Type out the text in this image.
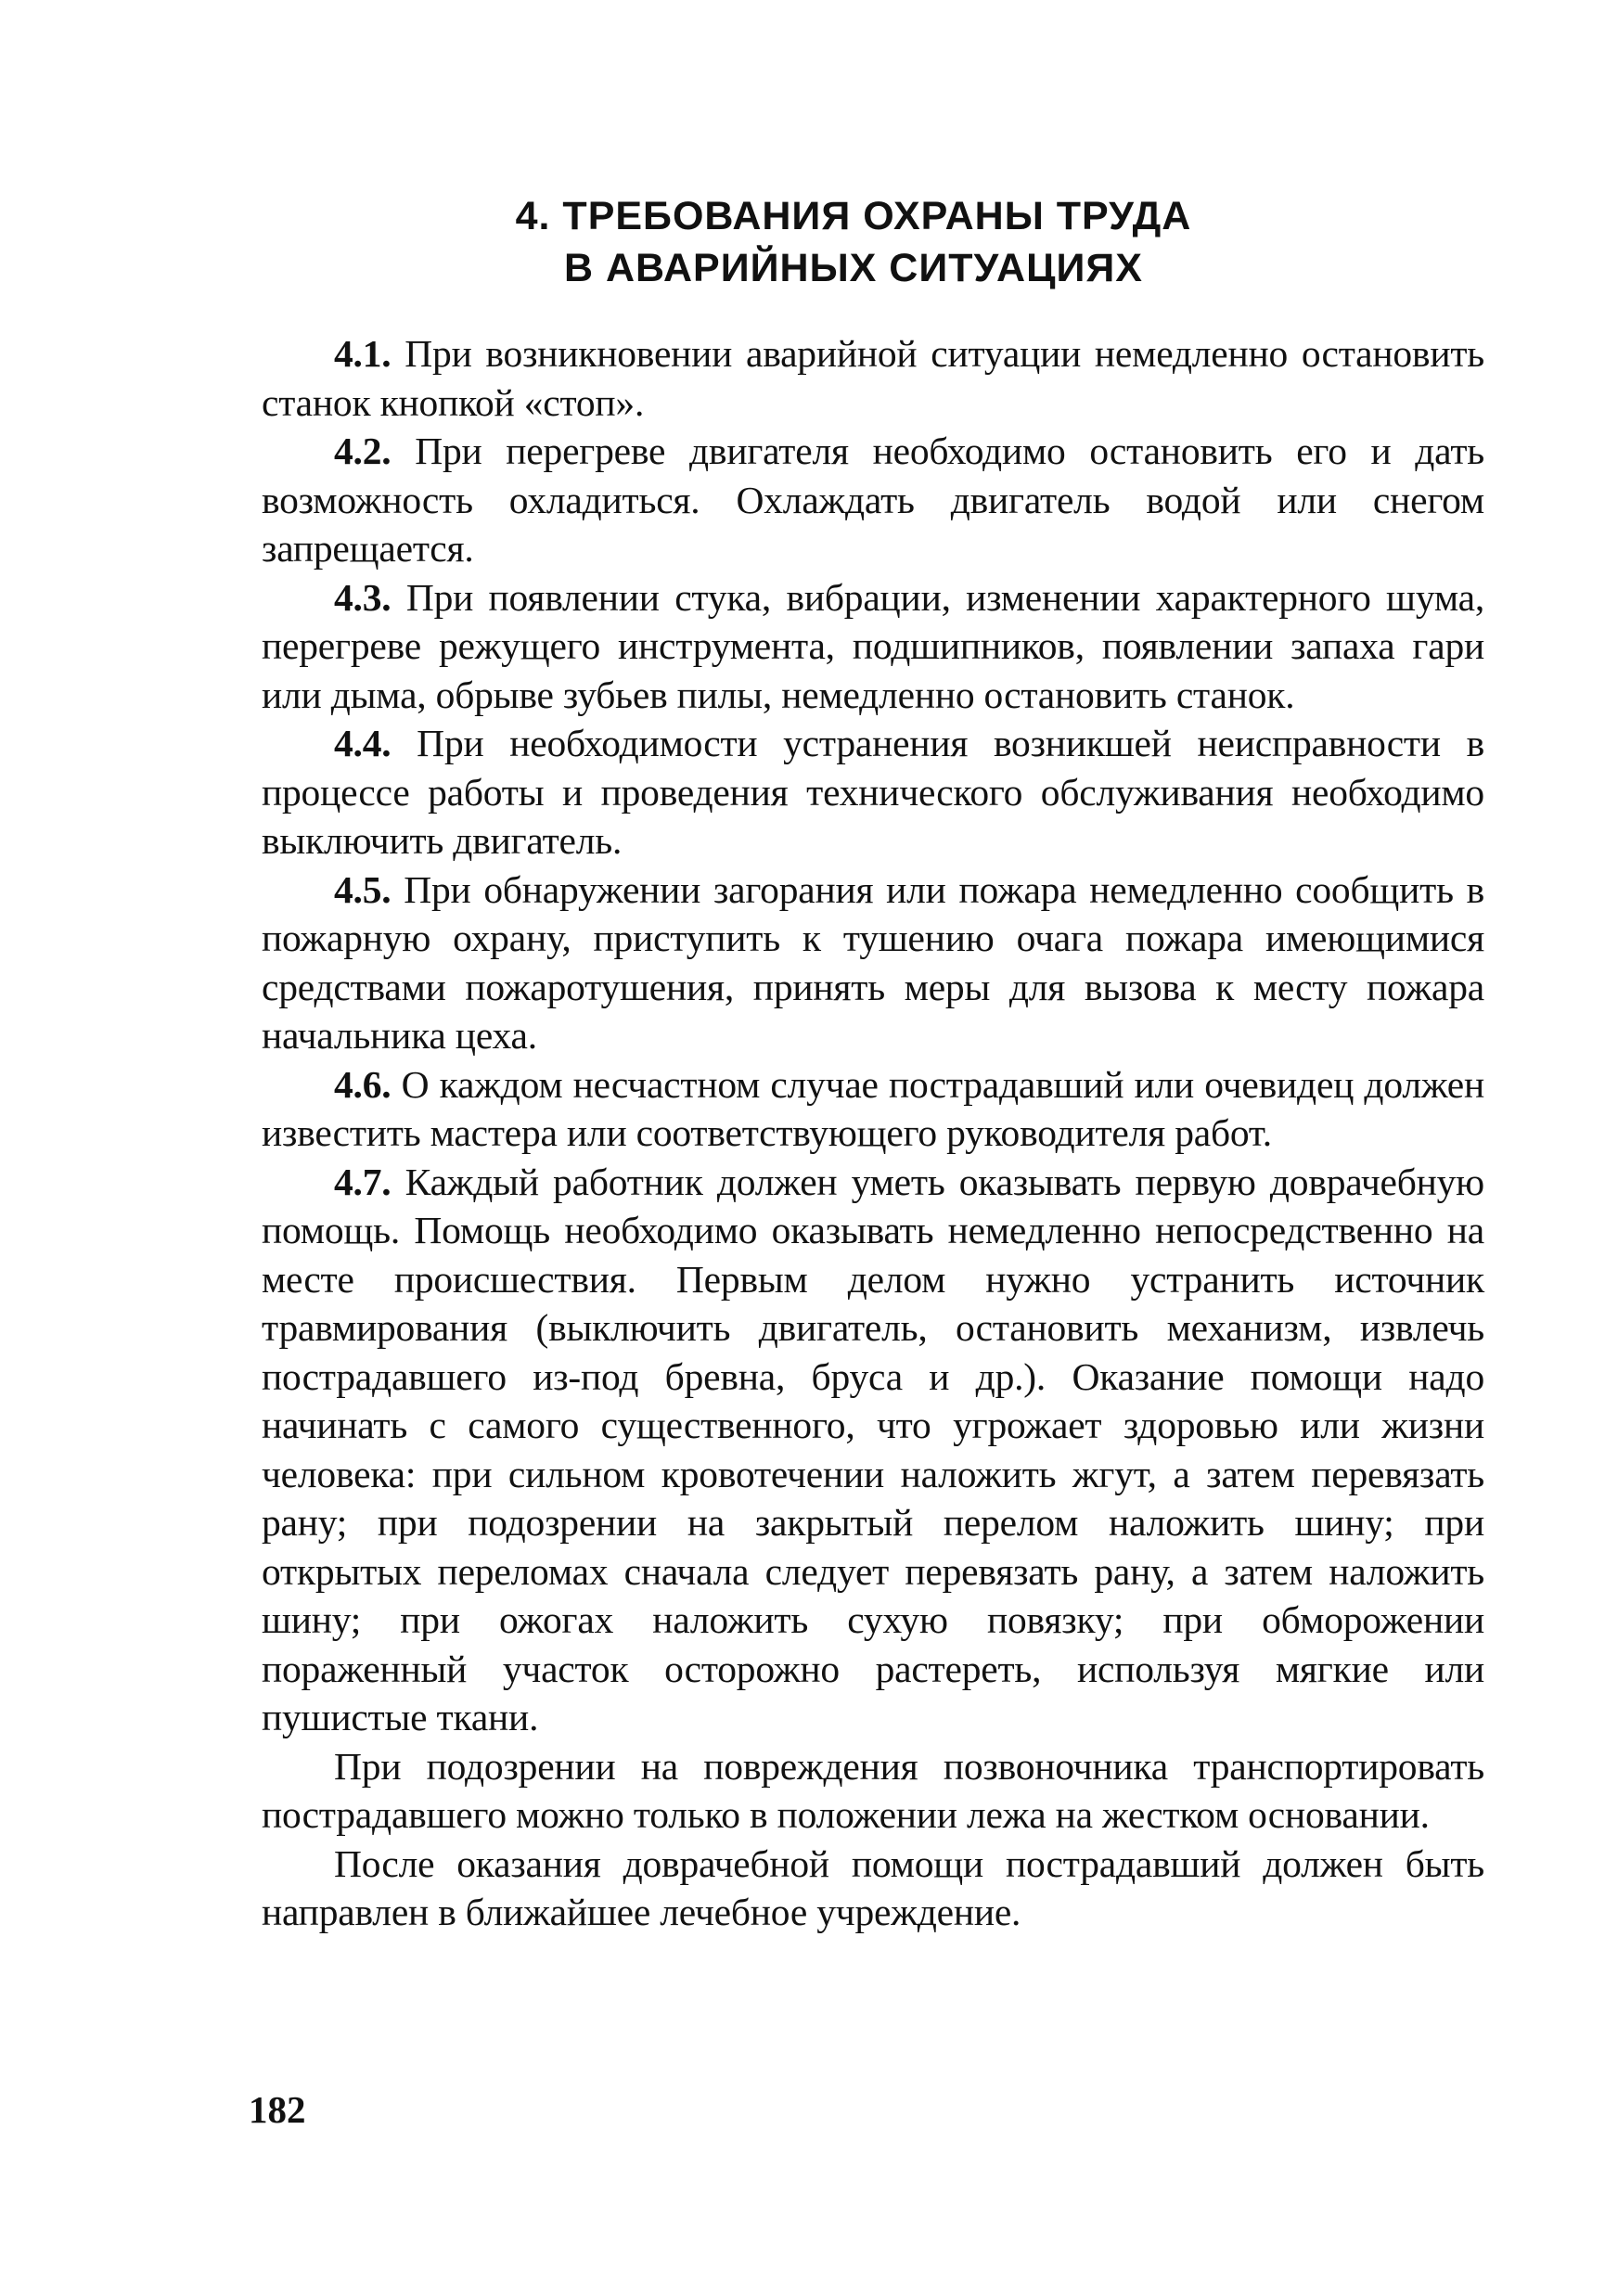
4. ТРЕБОВАНИЯ ОХРАНЫ ТРУДА
В АВАРИЙНЫХ СИТУАЦИЯХ

4.1. При возникновении аварийной ситуации немедленно остановить станок кнопкой «стоп».

4.2. При перегреве двигателя необходимо остановить его и дать возможность охладиться. Охлаждать двигатель водой или снегом запрещается.

4.3. При появлении стука, вибрации, изменении характерного шума, перегреве режущего инструмента, подшипников, появлении запаха гари или дыма, обрыве зубьев пилы, немедленно остановить станок.

4.4. При необходимости устранения возникшей неисправности в процессе работы и проведения технического обслуживания необходимо выключить двигатель.

4.5. При обнаружении загорания или пожара немедленно сообщить в пожарную охрану, приступить к тушению очага пожара имеющимися средствами пожаротушения, принять меры для вызова к месту пожара начальника цеха.

4.6. О каждом несчастном случае пострадавший или очевидец должен известить мастера или соответствующего руководителя работ.

4.7. Каждый работник должен уметь оказывать первую доврачебную помощь. Помощь необходимо оказывать немедленно непосредственно на месте происшествия. Первым делом нужно устранить источник травмирования (выключить двигатель, остановить механизм, извлечь пострадавшего из-под бревна, бруса и др.). Оказание помощи надо начинать с самого существенного, что угрожает здоровью или жизни человека: при сильном кровотечении наложить жгут, а затем перевязать рану; при подозрении на закрытый перелом наложить шину; при открытых переломах сначала следует перевязать рану, а затем наложить шину; при ожогах наложить сухую повязку; при обморожении пораженный участок осторожно растереть, используя мягкие или пушистые ткани.

При подозрении на повреждения позвоночника транспортировать пострадавшего можно только в положении лежа на жестком основании.

После оказания доврачебной помощи пострадавший должен быть направлен в ближайшее лечебное учреждение.

182
